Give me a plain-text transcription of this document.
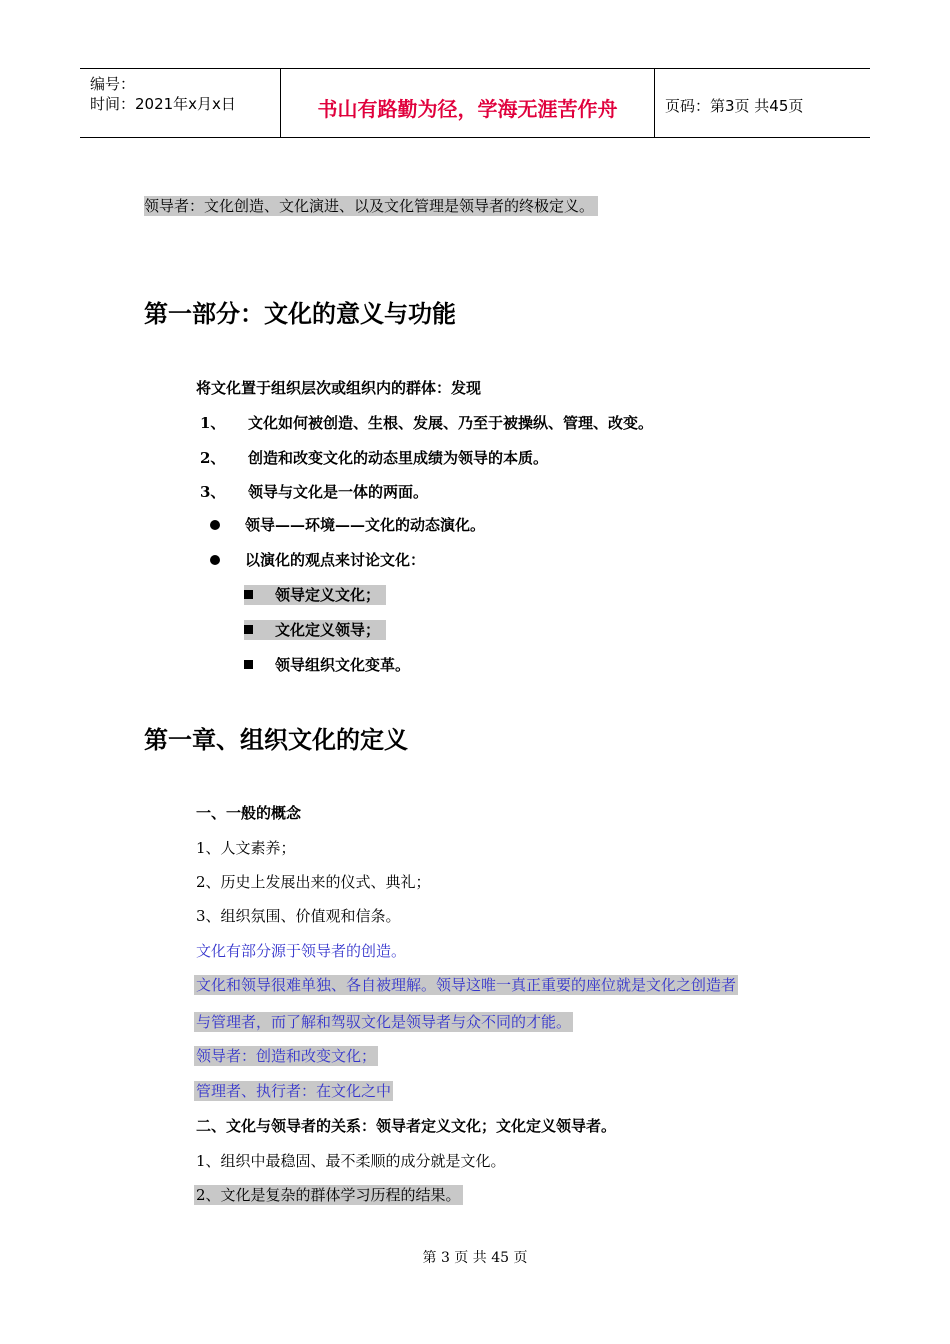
编号：
时间：2021年x月x日	书山有路勤为径，学海无涯苦作舟	页码：第3页 共45页
领导者：文化创造、文化演进、以及文化管理是领导者的终极定义。
第一部分：文化的意义与功能
将文化置于组织层次或组织内的群体：发现
1、 文化如何被创造、生根、发展、乃至于被操纵、管理、改变。
2、 创造和改变文化的动态里成绩为领导的本质。
3、 领导与文化是一体的两面。
领导——环境——文化的动态演化。
以演化的观点来讨论文化：
领导定义文化；
文化定义领导；
领导组织文化变革。
第一章、组织文化的定义
一、一般的概念
1、人文素养；
2、历史上发展出来的仪式、典礼；
3、组织氛围、价值观和信条。
文化有部分源于领导者的创造。
文化和领导很难单独、各自被理解。领导这唯一真正重要的座位就是文化之创造者
与管理者，而了解和驾驭文化是领导者与众不同的才能。
领导者：创造和改变文化；
管理者、执行者：在文化之中
二、文化与领导者的关系：领导者定义文化；文化定义领导者。
1、组织中最稳固、最不柔顺的成分就是文化。
2、文化是复杂的群体学习历程的结果。
第 3 页 共 45 页
